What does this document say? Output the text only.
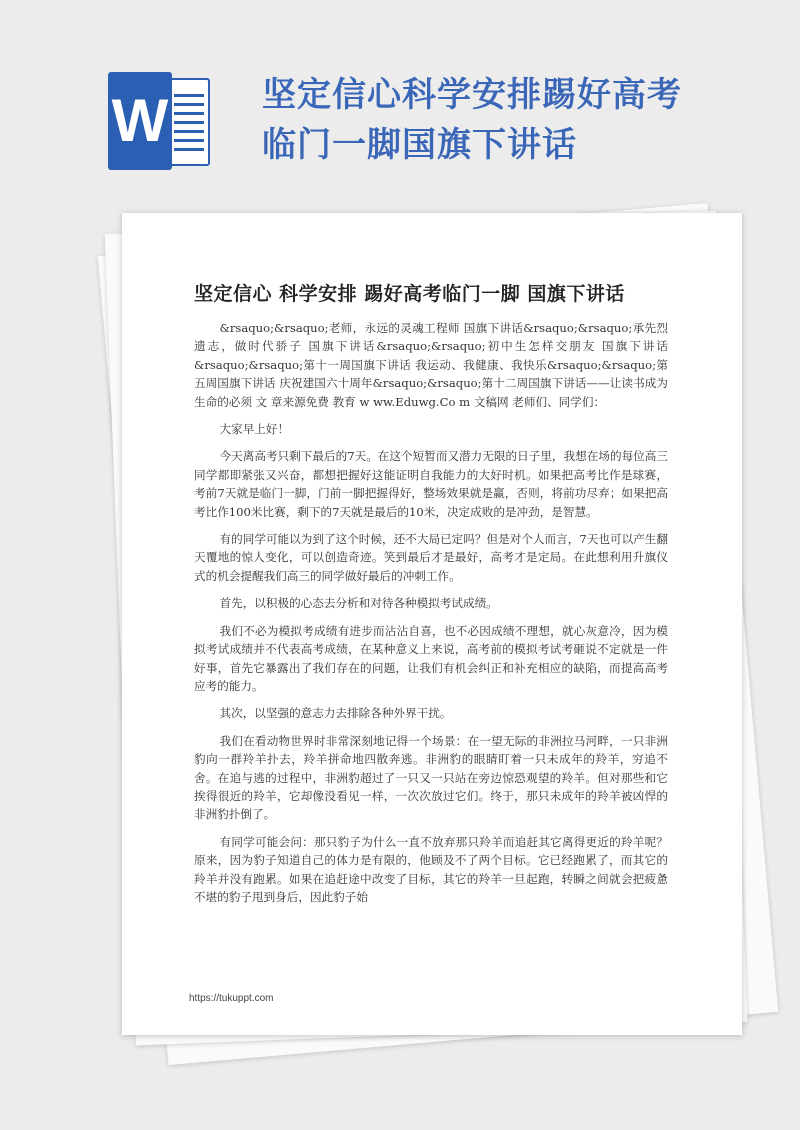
W	坚定信心科学安排踢好高考临门一脚国旗下讲话
坚定信心 科学安排 踢好高考临门一脚 国旗下讲话

&rsaquo;&rsaquo;老师，永远的灵魂工程师 国旗下讲话&rsaquo;&rsaquo;承先烈遗志，做时代骄子 国旗下讲话&rsaquo;&rsaquo;初中生怎样交朋友 国旗下讲话&rsaquo;&rsaquo;第十一周国旗下讲话 我运动、我健康、我快乐&rsaquo;&rsaquo;第五周国旗下讲话 庆祝建国六十周年&rsaquo;&rsaquo;第十二周国旗下讲话——让读书成为生命的必须 文 章来源免费 教育 w ww.Eduwg.Co m 文稿网 老师们、同学们：

大家早上好！

今天离高考只剩下最后的7天。在这个短暂而又潜力无限的日子里，我想在场的每位高三同学都即紧张又兴奋，都想把握好这能证明自我能力的大好时机。如果把高考比作是球赛，考前7天就是临门一脚，门前一脚把握得好，整场效果就是赢，否则，将前功尽弃；如果把高考比作100米比赛，剩下的7天就是最后的10米，决定成败的是冲劲，是智慧。

有的同学可能以为到了这个时候，还不大局已定吗？但是对个人而言，7天也可以产生翻天覆地的惊人变化，可以创造奇迹。笑到最后才是最好，高考才是定局。在此想利用升旗仪式的机会提醒我们高三的同学做好最后的冲刺工作。

首先，以积极的心态去分析和对待各种模拟考试成绩。

我们不必为模拟考成绩有进步而沾沾自喜，也不必因成绩不理想，就心灰意冷，因为模拟考试成绩并不代表高考成绩，在某种意义上来说，高考前的模拟考试考砸说不定就是一件好事，首先它暴露出了我们存在的问题，让我们有机会纠正和补充相应的缺陷，而提高高考应考的能力。

其次，以坚强的意志力去排除各种外界干扰。

我们在看动物世界时非常深刻地记得一个场景：在一望无际的非洲拉马河畔，一只非洲豹向一群羚羊扑去，羚羊拼命地四散奔逃。非洲豹的眼睛盯着一只未成年的羚羊，穷追不舍。在追与逃的过程中，非洲豹超过了一只又一只站在旁边惊恐观望的羚羊。但对那些和它挨得很近的羚羊，它却像没看见一样，一次次放过它们。终于，那只未成年的羚羊被凶悍的非洲豹扑倒了。

有同学可能会问：那只豹子为什么一直不放弃那只羚羊而追赶其它离得更近的羚羊呢？原来，因为豹子知道自己的体力是有限的，他顾及不了两个目标。它已经跑累了，而其它的羚羊并没有跑累。如果在追赶途中改变了目标，其它的羚羊一旦起跑，转瞬之间就会把疲惫不堪的豹子甩到身后，因此豹子始

https://tukuppt.com
